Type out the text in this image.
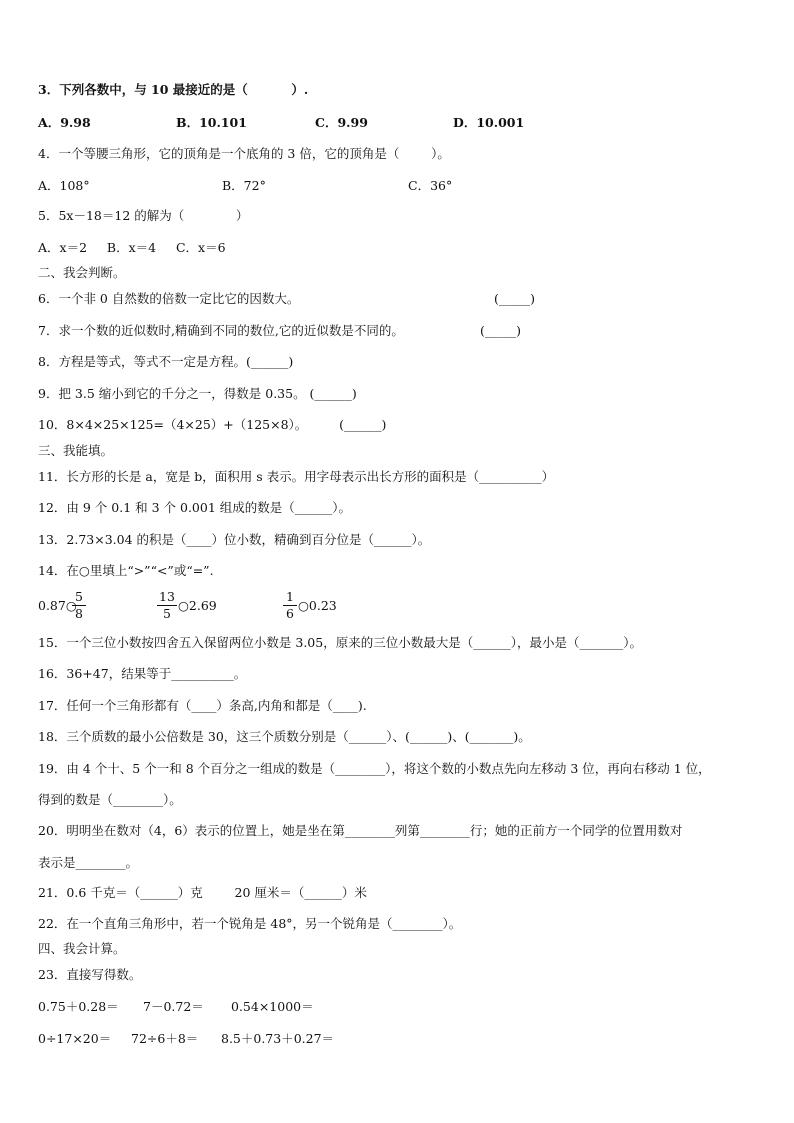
3．下列各数中，与 10 最接近的是（          ）.
A．9.98	B．10.101	C．9.99	D．10.001
4．一个等腰三角形，它的顶角是一个底角的 3 倍，它的顶角是（        ）。
A．108°	B．72°	C．36°
5．5x－18＝12 的解为（             ）
A．x＝2     B．x＝4     C．x＝6
二、我会判断。
6．一个非 0 自然数的倍数一定比它的因数大。	(_____)
7．求一个数的近似数时,精确到不同的数位,它的近似数是不同的。	(_____)
8．方程是等式，等式不一定是方程。(______)
9．把 3.5 缩小到它的千分之一，得数是 0.35。 (______)
10．8×4×25×125=（4×25）+（125×8）。        (______)
三、我能填。
11．长方形的长是 a，宽是 b，面积用 s 表示。用字母表示出长方形的面积是（__________）
12．由 9 个 0.1 和 3 个 0.001 组成的数是（______）。
13．2.73×3.04 的积是（____）位小数，精确到百分位是（______）。
14．在○里填上“>”“<”或“=”.
0.87○
5
8
13
5
○2.69
1
6
○0.23
15．一个三位小数按四舍五入保留两位小数是 3.05，原来的三位小数最大是（______），最小是（_______）。
16．36+47，结果等于__________。
17．任何一个三角形都有（____）条高,内角和都是（____).
18．三个质数的最小公倍数是 30，这三个质数分别是（______）、(______)、(_______)。
19．由 4 个十、5 个一和 8 个百分之一组成的数是（________），将这个数的小数点先向左移动 3 位，再向右移动 1 位，
得到的数是（________）。
20．明明坐在数对（4，6）表示的位置上，她是坐在第________列第________行；她的正前方一个同学的位置用数对
表示是________。
21．0.6 千克＝（______）克        20 厘米＝（______）米
22．在一个直角三角形中，若一个锐角是 48°，另一个锐角是（________）。
四、我会计算。
23．直接写得数。
0.75＋0.28＝ 7－0.72＝ 0.54×1000＝
0÷17×20＝ 72÷6＋8＝ 8.5＋0.73＋0.27＝
